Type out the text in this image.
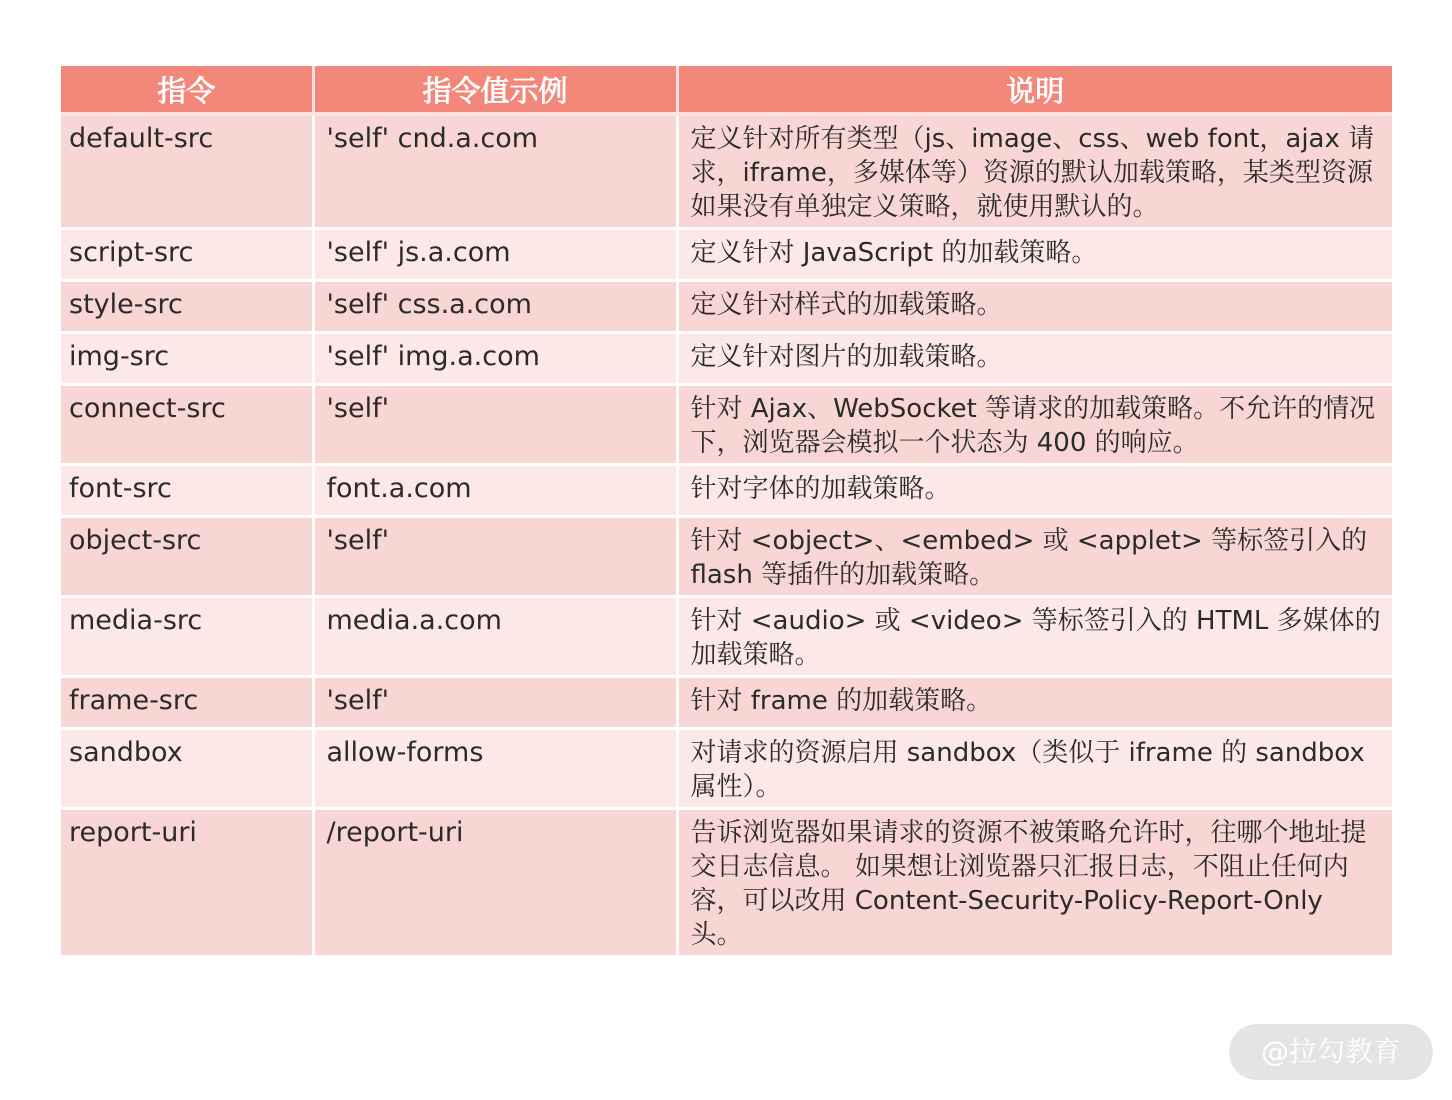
指令	指令值示例	说明
default-src	'self' cnd.a.com	定义针对所有类型（js、image、css、web font，ajax 请求，iframe，多媒体等）资源的默认加载策略，某类型资源如果没有单独定义策略，就使用默认的。
script-src	'self' js.a.com	定义针对 JavaScript 的加载策略。
style-src	'self' css.a.com	定义针对样式的加载策略。
img-src	'self' img.a.com	定义针对图片的加载策略。
connect-src	'self'	针对 Ajax、WebSocket 等请求的加载策略。不允许的情况下，浏览器会模拟一个状态为 400 的响应。
font-src	font.a.com	针对字体的加载策略。
object-src	'self'	针对 <object>、<embed> 或 <applet> 等标签引入的 flash 等插件的加载策略。
media-src	media.a.com	针对 <audio> 或 <video> 等标签引入的 HTML 多媒体的加载策略。
frame-src	'self'	针对 frame 的加载策略。
sandbox	allow-forms	对请求的资源启用 sandbox（类似于 iframe 的 sandbox 属性）。
report-uri	/report-uri	告诉浏览器如果请求的资源不被策略允许时，往哪个地址提交日志信息。 如果想让浏览器只汇报日志，不阻止任何内容，可以改用 Content-Security-Policy-Report-Only 头。
@拉勾教育
